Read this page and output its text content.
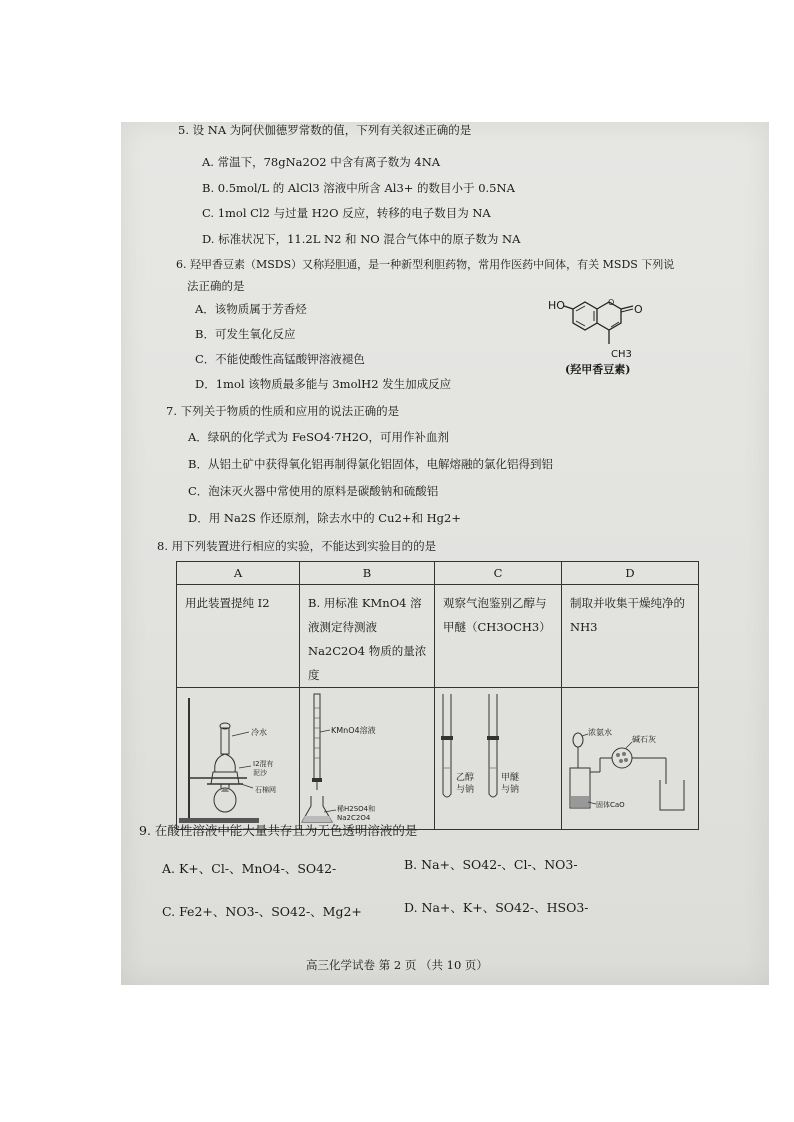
5. 设 NA 为阿伏伽德罗常数的值，下列有关叙述正确的是
A. 常温下，78gNa2O2 中含有离子数为 4NA
B. 0.5mol/L 的 AlCl3 溶液中所含 Al3+ 的数目小于 0.5NA
C. 1mol Cl2 与过量 H2O 反应，转移的电子数目为 NA
D. 标准状况下，11.2L N2 和 NO 混合气体中的原子数为 NA
6. 羟甲香豆素（MSDS）又称羟胆通，是一种新型利胆药物，常用作医药中间体，有关 MSDS 下列说
法正确的是
A．该物质属于芳香烃
B．可发生氧化反应
C．不能使酸性高锰酸钾溶液褪色
D．1mol 该物质最多能与 3molH2 发生加成反应
HO	O
CH3
O
(羟甲香豆素)
7. 下列关于物质的性质和应用的说法正确的是
A．绿矾的化学式为 FeSO4·7H2O，可用作补血剂
B．从铝土矿中获得氧化铝再制得氯化铝固体，电解熔融的氯化铝得到铝
C．泡沫灭火器中常使用的原料是碳酸钠和硫酸铝
D．用 Na2S 作还原剂，除去水中的 Cu2+和 Hg2+
8. 用下列装置进行相应的实验，不能达到实验目的的是
A	B	C	D
用此装置提纯 I2	B. 用标准 KMnO4 溶液测定待测液 Na2C2O4 物质的量浓度	观察气泡鉴别乙醇与甲醚（CH3OCH3）	制取并收集干燥纯净的 NH3

冷水
I2混有
泥沙
石棉网	KMnO4溶液
稀H2SO4和
Na2C2O4	乙醇
与钠
甲醚
与钠	浓氨水
碱石灰
固体CaO
9. 在酸性溶液中能大量共存且为无色透明溶液的是
A. K+、Cl-、MnO4-、SO42-	B. Na+、SO42-、Cl-、NO3-
C. Fe2+、NO3-、SO42-、Mg2+	D. Na+、K+、SO42-、HSO3-
高三化学试卷 第 2 页 （共 10 页）
